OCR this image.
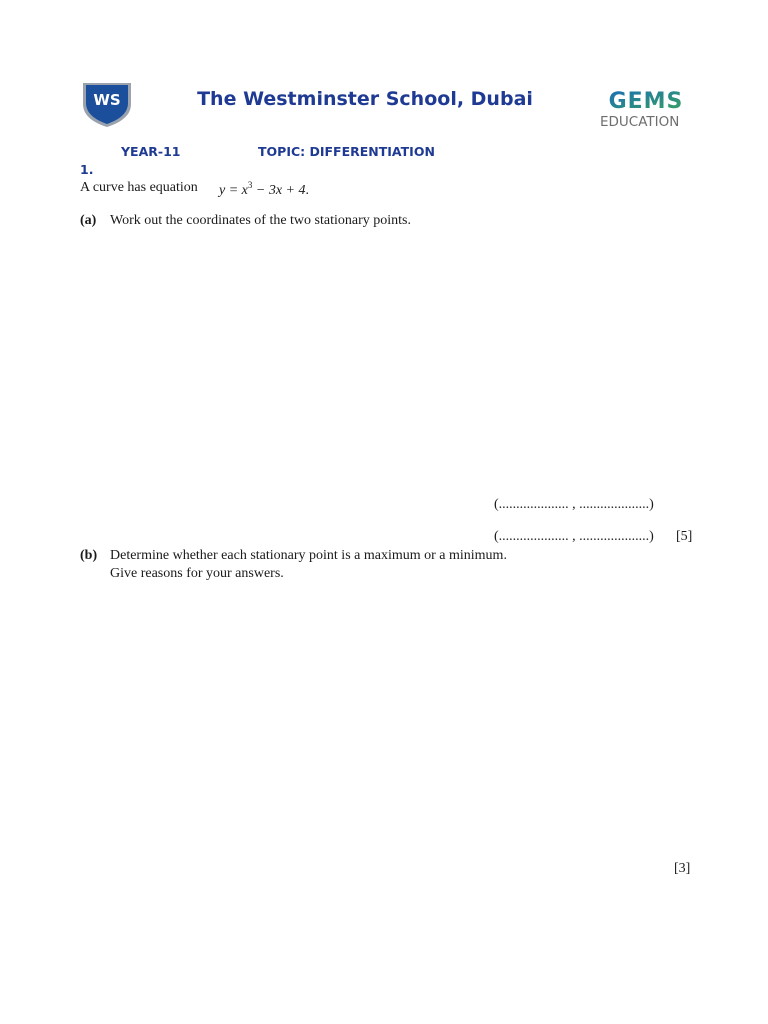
WS	The Westminster School, Dubai	GEMS
EDUCATION
YEAR-11	TOPIC: DIFFERENTIATION
1.
A curve has equation $y = x^3 - 3x + 4$.
(a) Work out the coordinates of the two stationary points.
(.................... , ....................)
(.................... , ....................) [5]
(b) Determine whether each stationary point is a maximum or a minimum.
Give reasons for your answers.
[3]
